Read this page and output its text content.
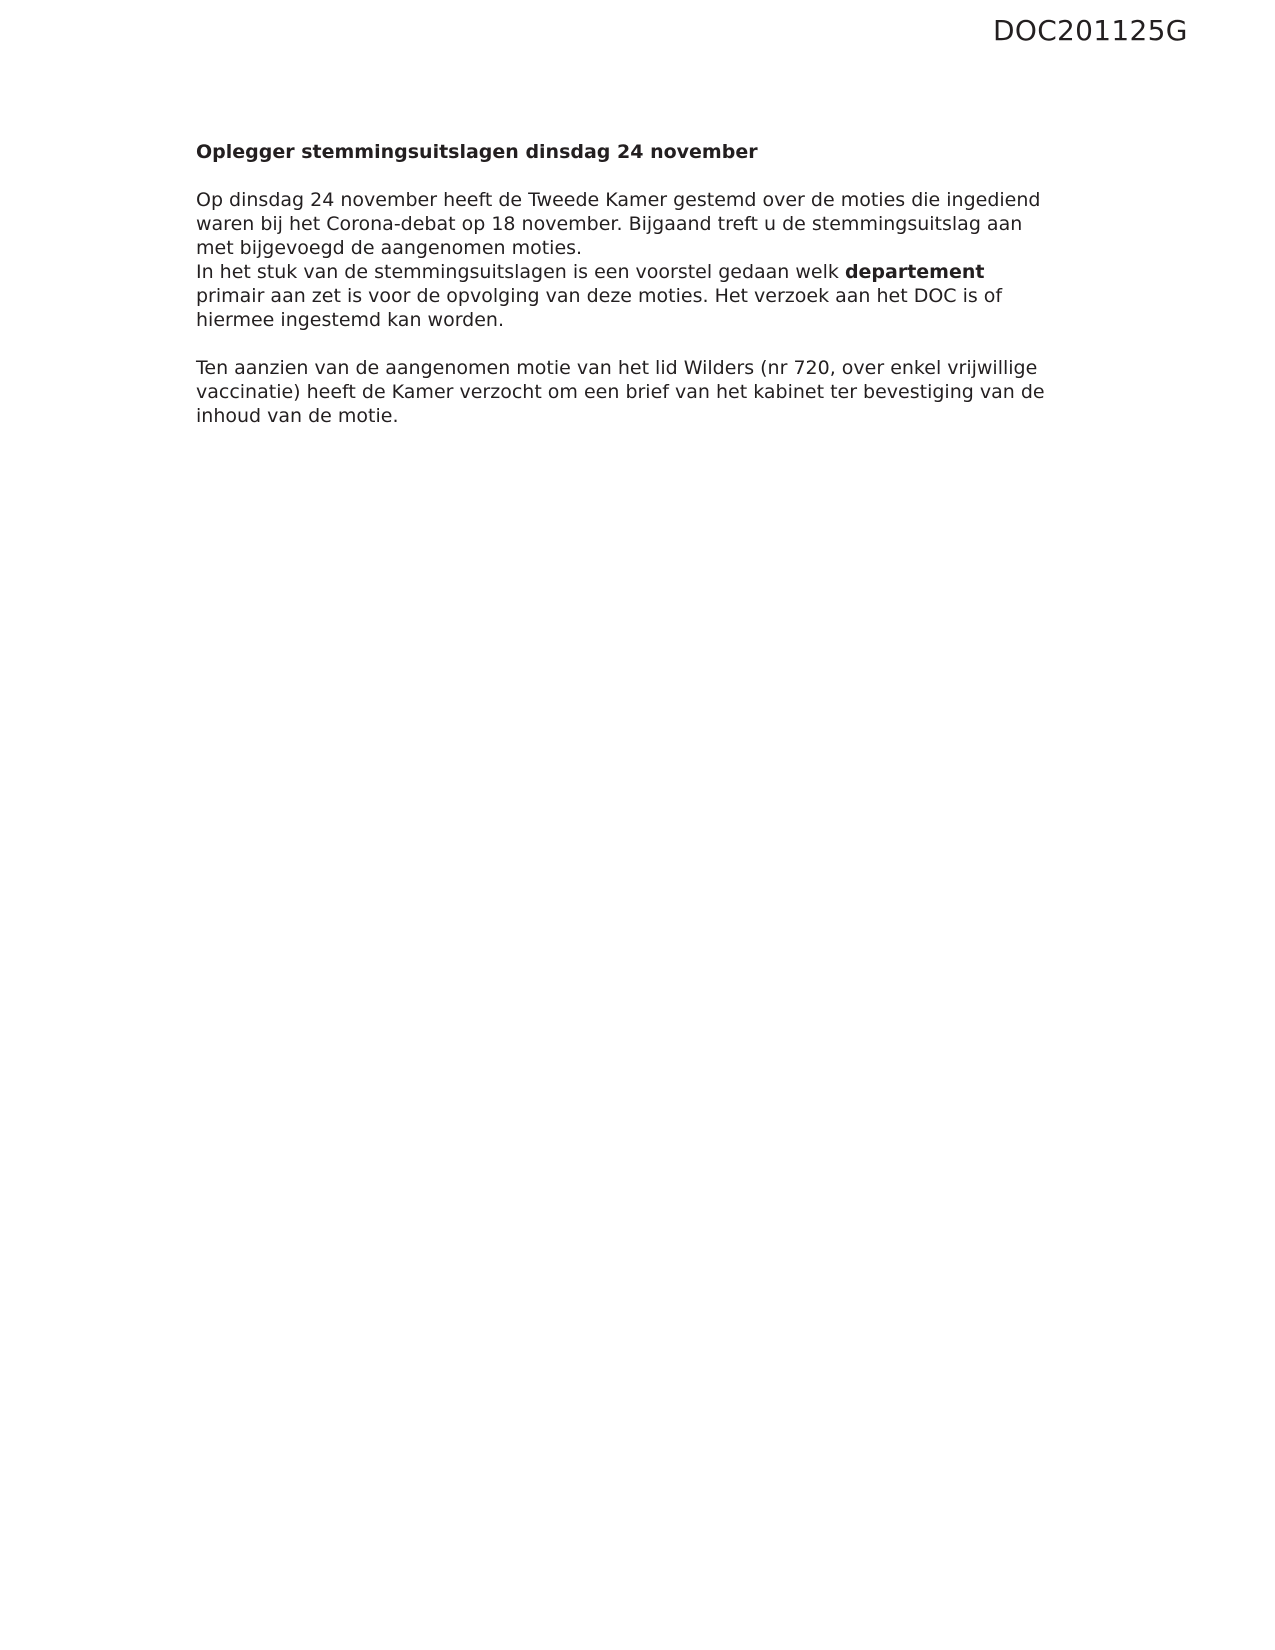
DOC201125G
Oplegger stemmingsuitslagen dinsdag 24 november
Op dinsdag 24 november heeft de Tweede Kamer gestemd over de moties die ingediend
waren bij het Corona-debat op 18 november. Bijgaand treft u de stemmingsuitslag aan
met bijgevoegd de aangenomen moties.
In het stuk van de stemmingsuitslagen is een voorstel gedaan welk departement
primair aan zet is voor de opvolging van deze moties. Het verzoek aan het DOC is of
hiermee ingestemd kan worden.
Ten aanzien van de aangenomen motie van het lid Wilders (nr 720, over enkel vrijwillige
vaccinatie) heeft de Kamer verzocht om een brief van het kabinet ter bevestiging van de
inhoud van de motie.
